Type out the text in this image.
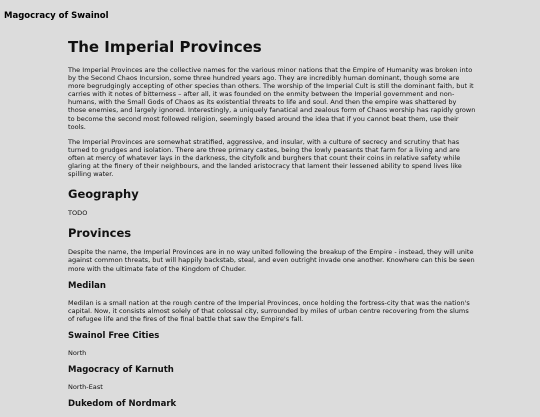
Magocracy of Swainol
The Imperial Provinces

The Imperial Provinces are the collective names for the various minor nations that the Empire of Humanity was broken into by the Second Chaos Incursion, some three hundred years ago. They are incredibly human dominant, though some are more begrudgingly accepting of other species than others. The worship of the Imperial Cult is still the dominant faith, but it carries with it notes of bitterness – after all, it was founded on the enmity between the Imperial government and non-humans, with the Small Gods of Chaos as its existential threats to life and soul. And then the empire was shattered by those enemies, and largely ignored. Interestingly, a uniquely fanatical and zealous form of Chaos worship has rapidly grown to become the second most followed religion, seemingly based around the idea that if you cannot beat them, use their tools.

The Imperial Provinces are somewhat stratified, aggressive, and insular, with a culture of secrecy and scrutiny that has turned to grudges and isolation. There are three primary castes, being the lowly peasants that farm for a living and are often at mercy of whatever lays in the darkness, the cityfolk and burghers that count their coins in relative safety while glaring at the finery of their neighbours, and the landed aristocracy that lament their lessened ability to spend lives like spilling water.

Geography

TODO

Provinces

Despite the name, the Imperial Provinces are in no way united following the breakup of the Empire - instead, they will unite against common threats, but will happily backstab, steal, and even outright invade one another. Knowhere can this be seen more with the ultimate fate of the Kingdom of Chuder.

Medilan

Medilan is a small nation at the rough centre of the Imperial Provinces, once holding the fortress-city that was the nation's capital. Now, it consists almost solely of that colossal city, surrounded by miles of urban centre recovering from the slums of refugee life and the fires of the final battle that saw the Empire's fall.

Swainol Free Cities

North

Magocracy of Karnuth

North-East

Dukedom of Nordmark
